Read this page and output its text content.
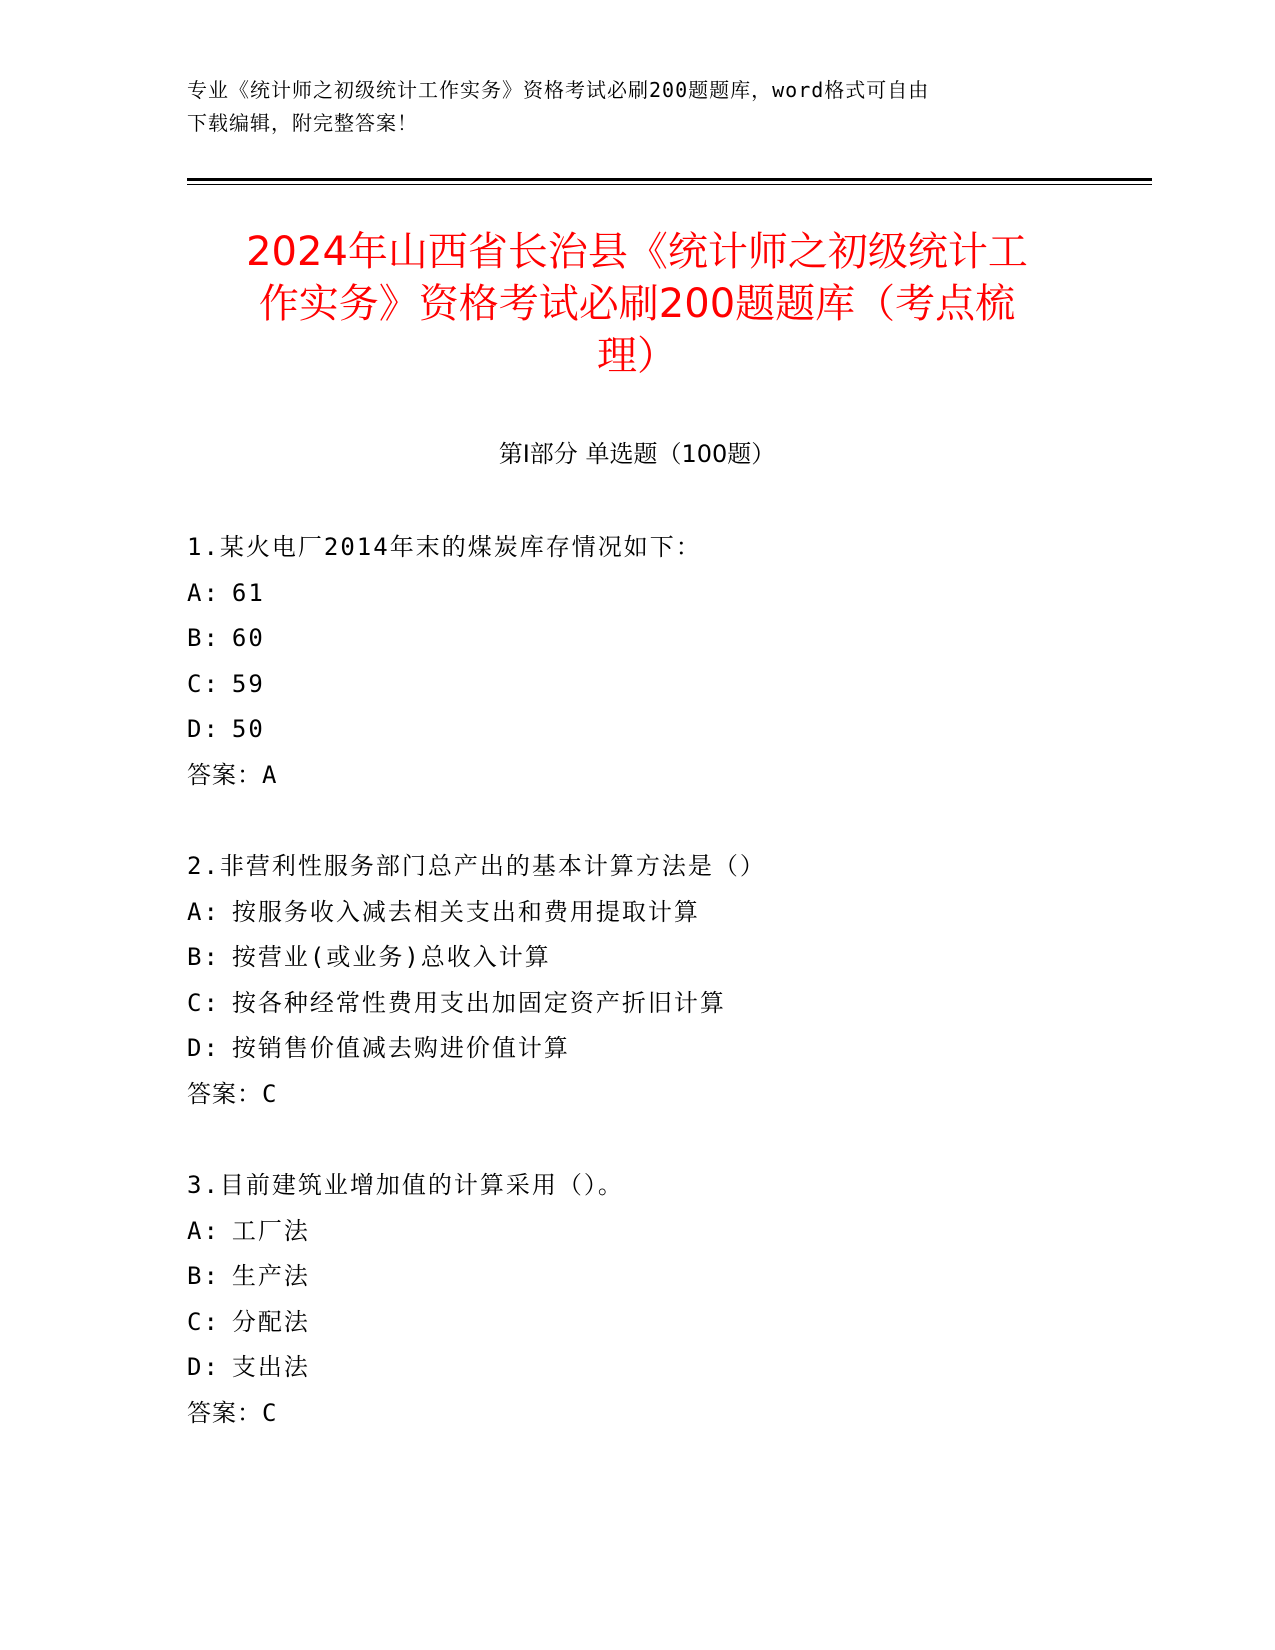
专业《统计师之初级统计工作实务》资格考试必刷200题题库，word格式可自由
下载编辑，附完整答案！
2024年山西省长治县《统计师之初级统计工
作实务》资格考试必刷200题题库（考点梳
理）
第Ⅰ部分 单选题（100题）
1.某火电厂2014年末的煤炭库存情况如下：
A: 61
B: 60
C: 59
D: 50
答案：A
2.非营利性服务部门总产出的基本计算方法是（）
A: 按服务收入减去相关支出和费用提取计算
B: 按营业(或业务)总收入计算
C: 按各种经常性费用支出加固定资产折旧计算
D: 按销售价值减去购进价值计算
答案：C
3.目前建筑业增加值的计算采用（）。
A: 工厂法
B: 生产法
C: 分配法
D: 支出法
答案：C
